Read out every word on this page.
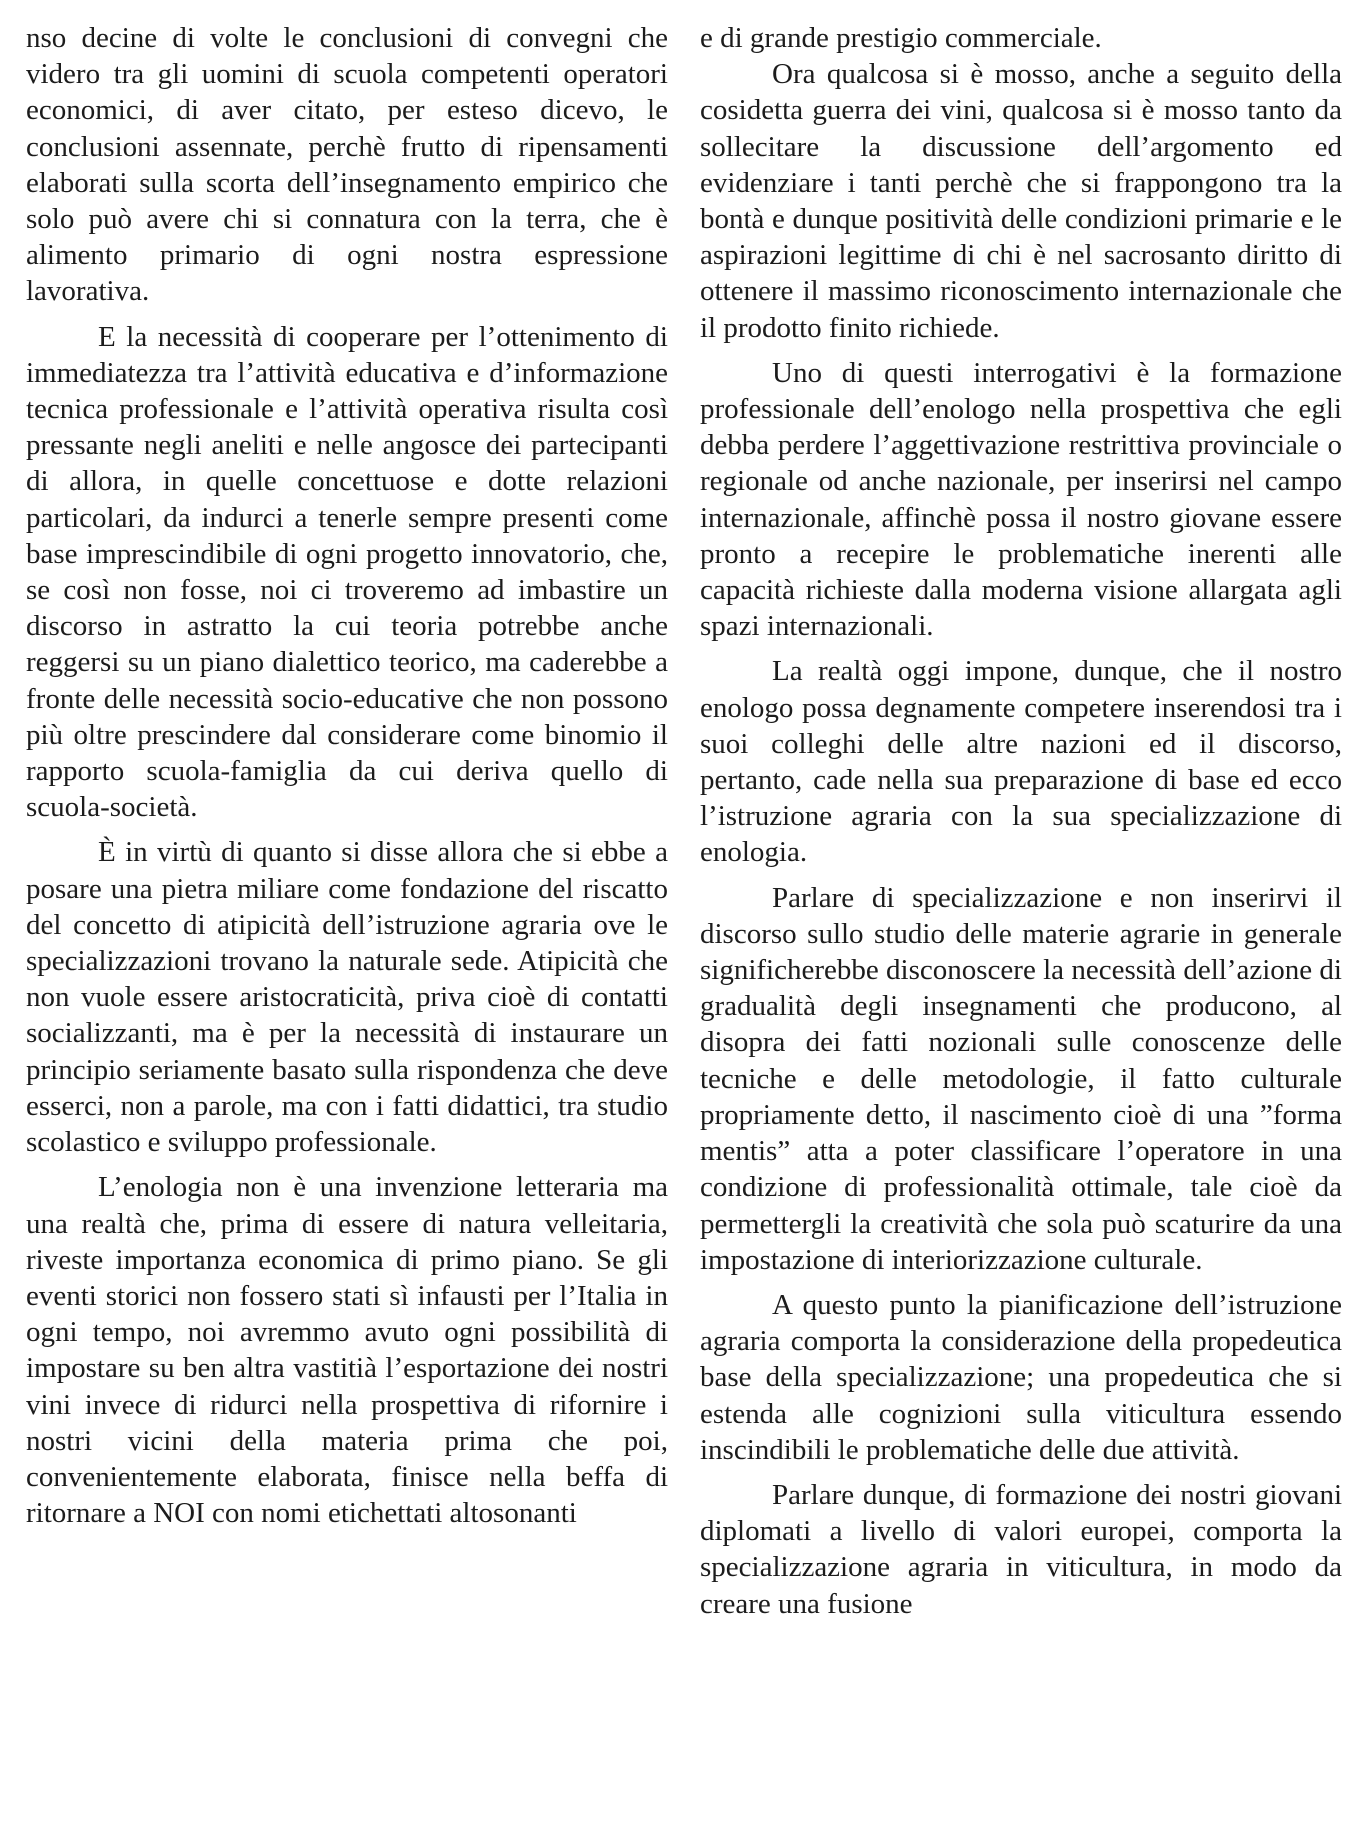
nso decine di volte le conclusioni di convegni che videro tra gli uomini di scuola competenti operatori economici, di aver citato, per esteso dicevo, le conclusioni assennate, perchè frutto di ripensamenti elaborati sulla scorta dell’insegnamento empirico che solo può avere chi si connatura con la terra, che è alimento primario di ogni nostra espressione lavorativa.

E la necessità di cooperare per l’ottenimento di immediatezza tra l’attività educativa e d’informazione tecnica professionale e l’attività operativa risulta così pressante negli aneliti e nelle angosce dei partecipanti di allora, in quelle concettuose e dotte relazioni particolari, da indurci a tenerle sempre presenti come base imprescindibile di ogni progetto innovatorio, che, se così non fosse, noi ci troveremo ad imbastire un discorso in astratto la cui teoria potrebbe anche reggersi su un piano dialettico teorico, ma caderebbe a fronte delle necessità socio-educative che non possono più oltre prescindere dal considerare come binomio il rapporto scuola-famiglia da cui deriva quello di scuola-società.

È in virtù di quanto si disse allora che si ebbe a posare una pietra miliare come fondazione del riscatto del concetto di atipicità dell’istruzione agraria ove le specializzazioni trovano la naturale sede. Atipicità che non vuole essere aristocraticità, priva cioè di contatti socializzanti, ma è per la necessità di instaurare un principio seriamente basato sulla rispondenza che deve esserci, non a parole, ma con i fatti didattici, tra studio scolastico e sviluppo professionale.

L’enologia non è una invenzione letteraria ma una realtà che, prima di essere di natura velleitaria, riveste importanza economica di primo piano. Se gli eventi storici non fossero stati sì infausti per l’Italia in ogni tempo, noi avremmo avuto ogni possibilità di impostare su ben altra vastitià l’esportazione dei nostri vini invece di ridurci nella prospettiva di rifornire i nostri vicini della materia prima che poi, convenientemente elaborata, finisce nella beffa di ritornare a NOI con nomi etichettati altosonanti

e di grande prestigio commerciale.

Ora qualcosa si è mosso, anche a seguito della cosidetta guerra dei vini, qualcosa si è mosso tanto da sollecitare la discussione dell’argomento ed evidenziare i tanti perchè che si frappongono tra la bontà e dunque positività delle condizioni primarie e le aspirazioni legittime di chi è nel sacrosanto diritto di ottenere il massimo riconoscimento internazionale che il prodotto finito richiede.

Uno di questi interrogativi è la formazione professionale dell’enologo nella prospettiva che egli debba perdere l’aggettivazione restrittiva provinciale o regionale od anche nazionale, per inserirsi nel campo internazionale, affinchè possa il nostro giovane essere pronto a recepire le problematiche inerenti alle capacità richieste dalla moderna visione allargata agli spazi internazionali.

La realtà oggi impone, dunque, che il nostro enologo possa degnamente competere inserendosi tra i suoi colleghi delle altre nazioni ed il discorso, pertanto, cade nella sua preparazione di base ed ecco l’istruzione agraria con la sua specializzazione di enologia.

Parlare di specializzazione e non inserirvi il discorso sullo studio delle materie agrarie in generale significherebbe disconoscere la necessità dell’azione di gradualità degli insegnamenti che producono, al disopra dei fatti nozionali sulle conoscenze delle tecniche e delle metodologie, il fatto culturale propriamente detto, il nascimento cioè di una ”forma mentis” atta a poter classificare l’operatore in una condizione di professionalità ottimale, tale cioè da permettergli la creatività che sola può scaturire da una impostazione di interiorizzazione culturale.

A questo punto la pianificazione dell’istruzione agraria comporta la considerazione della propedeutica base della specializzazione; una propedeutica che si estenda alle cognizioni sulla viticultura essendo inscindibili le problematiche delle due attività.

Parlare dunque, di formazione dei nostri giovani diplomati a livello di valori europei, comporta la specializzazione agraria in viticultura, in modo da creare una fusione
